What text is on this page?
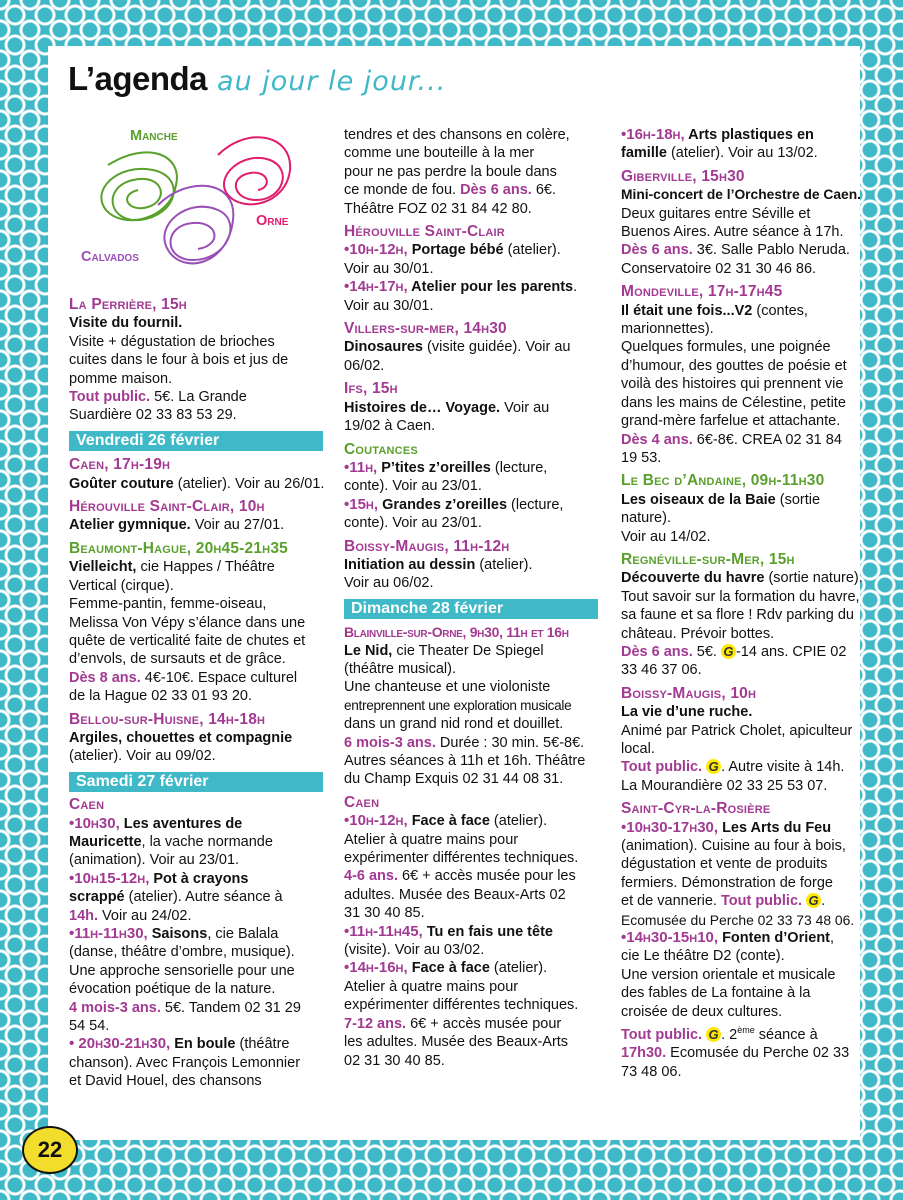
L’agenda au jour le jour...
Manche
Orne
Calvados
La Perrière, 15h
Visite du fournil.
Visite + dégustation de brioches
cuites dans le four à bois et jus de
pomme maison.
Tout public. 5€. La Grande
Suardière 02 33 83 53 29.
Vendredi 26 février
Caen, 17h-19h
Goûter couture (atelier). Voir au 26/01.
Hérouville Saint-Clair, 10h
Atelier gymnique. Voir au 27/01.
Beaumont-Hague, 20h45-21h35
Vielleicht, cie Happes / Théâtre
Vertical (cirque).
Femme-pantin, femme-oiseau,
Melissa Von Vépy s’élance dans une
quête de verticalité faite de chutes et
d’envols, de sursauts et de grâce.
Dès 8 ans. 4€-10€. Espace culturel
de la Hague 02 33 01 93 20.
Bellou-sur-Huisne, 14h-18h
Argiles, chouettes et compagnie
(atelier). Voir au 09/02.
Samedi 27 février
Caen
•10h30, Les aventures de
Mauricette, la vache normande
(animation). Voir au 23/01.
•10h15-12h, Pot à crayons
scrappé (atelier). Autre séance à
14h. Voir au 24/02.
•11h-11h30, Saisons, cie Balala
(danse, théâtre d’ombre, musique).
Une approche sensorielle pour une
évocation poétique de la nature.
4 mois-3 ans. 5€. Tandem 02 31 29
54 54.
• 20h30-21h30, En boule (théâtre
chanson). Avec François Lemonnier
et David Houel, des chansons
tendres et des chansons en colère,
comme une bouteille à la mer
pour ne pas perdre la boule dans
ce monde de fou. Dès 6 ans. 6€.
Théâtre FOZ 02 31 84 42 80.
Hérouville Saint-Clair
•10h-12h, Portage bébé (atelier).
Voir au 30/01.
•14h-17h, Atelier pour les parents.
Voir au 30/01.
Villers-sur-mer, 14h30
Dinosaures (visite guidée). Voir au
06/02.
Ifs, 15h
Histoires de… Voyage. Voir au
19/02 à Caen.
Coutances
•11h, P’tites z’oreilles (lecture,
conte). Voir au 23/01.
•15h, Grandes z’oreilles (lecture,
conte). Voir au 23/01.
Boissy-Maugis, 11h-12h
Initiation au dessin (atelier).
Voir au 06/02.
Dimanche 28 février
Blainville-sur-Orne, 9h30, 11h et 16h
Le Nid, cie Theater De Spiegel
(théâtre musical).
Une chanteuse et une violoniste
entreprennent une exploration musicale
dans un grand nid rond et douillet.
6 mois-3 ans. Durée : 30 min. 5€-8€.
Autres séances à 11h et 16h. Théâtre
du Champ Exquis 02 31 44 08 31.
Caen
•10h-12h, Face à face (atelier).
Atelier à quatre mains pour
expérimenter différentes techniques.
4-6 ans. 6€ + accès musée pour les
adultes. Musée des Beaux-Arts 02
31 30 40 85.
•11h-11h45, Tu en fais une tête
(visite). Voir au 03/02.
•14h-16h, Face à face (atelier).
Atelier à quatre mains pour
expérimenter différentes techniques.
7-12 ans. 6€ + accès musée pour
les adultes. Musée des Beaux-Arts
02 31 30 40 85.
•16h-18h, Arts plastiques en
famille (atelier). Voir au 13/02.
Giberville, 15h30
Mini-concert de l’Orchestre de Caen.
Deux guitares entre Séville et
Buenos Aires. Autre séance à 17h.
Dès 6 ans. 3€. Salle Pablo Neruda.
Conservatoire 02 31 30 46 86.
Mondeville, 17h-17h45
Il était une fois...V2 (contes,
marionnettes).
Quelques formules, une poignée
d’humour, des gouttes de poésie et
voilà des histoires qui prennent vie
dans les mains de Célestine, petite
grand-mère farfelue et attachante.
Dès 4 ans. 6€-8€. CREA 02 31 84
19 53.
Le Bec d’Andaine, 09h-11h30
Les oiseaux de la Baie (sortie
nature).
Voir au 14/02.
Regnéville-sur-Mer, 15h
Découverte du havre (sortie nature).
Tout savoir sur la formation du havre,
sa faune et sa flore ! Rdv parking du
château. Prévoir bottes.
Dès 6 ans. 5€. G -14 ans. CPIE 02
33 46 37 06.
Boissy-Maugis, 10h
La vie d’une ruche.
Animé par Patrick Cholet, apiculteur
local.
Tout public. G . Autre visite à 14h.
La Mourandière 02 33 25 53 07.
Saint-Cyr-la-Rosière
•10h30-17h30, Les Arts du Feu
(animation). Cuisine au four à bois,
dégustation et vente de produits
fermiers. Démonstration de forge
et de vannerie. Tout public. G .
Ecomusée du Perche 02 33 73 48 06.
•14h30-15h10, Fonten d’Orient,
cie Le théâtre D2 (conte).
Une version orientale et musicale
des fables de La fontaine à la
croisée de deux cultures.
Tout public. G . 2ème séance à
17h30. Ecomusée du Perche 02 33
73 48 06.
22
